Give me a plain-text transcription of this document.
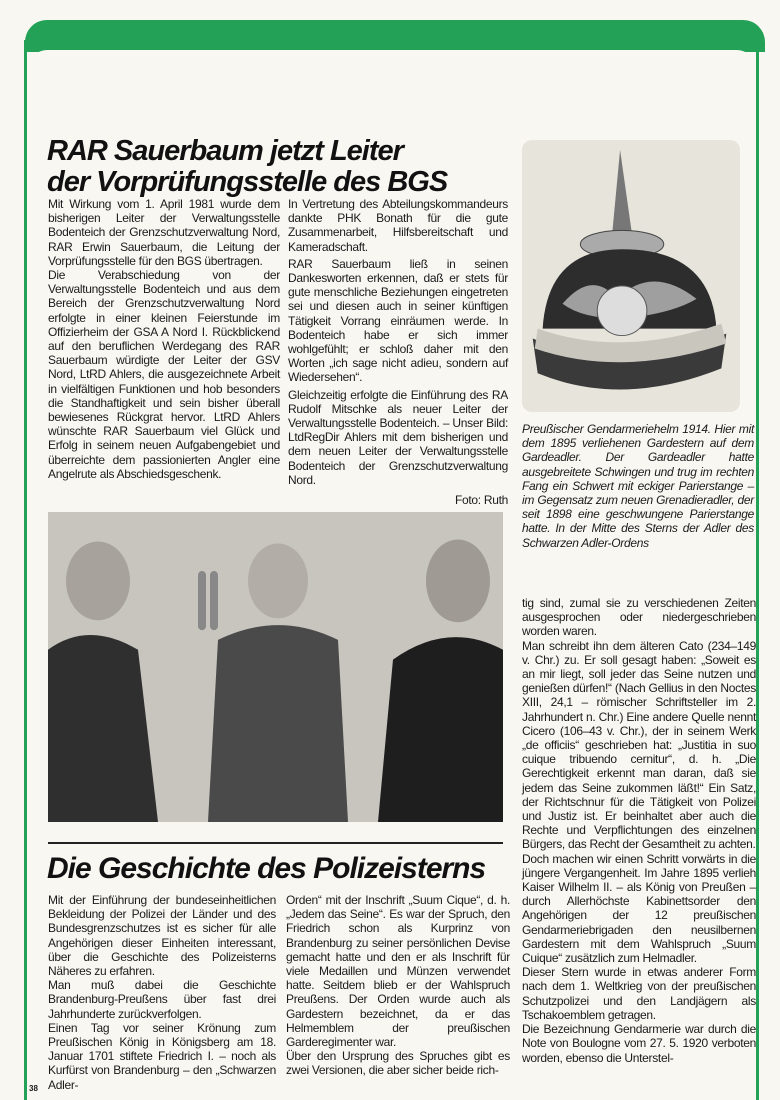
RAR Sauerbaum jetzt Leiter
der Vorprüfungsstelle des BGS

Mit Wirkung vom 1. April 1981 wurde dem bisherigen Leiter der Verwaltungsstelle Bodenteich der Grenzschutzverwaltung Nord, RAR Erwin Sauerbaum, die Leitung der Vorprüfungsstelle für den BGS übertragen.

Die Verabschiedung von der Verwaltungsstelle Bodenteich und aus dem Bereich der Grenzschutzverwaltung Nord erfolgte in einer kleinen Feierstunde im Offizierheim der GSA A Nord I. Rückblickend auf den beruflichen Werdegang des RAR Sauerbaum würdigte der Leiter der GSV Nord, LtRD Ahlers, die ausgezeichnete Arbeit in vielfältigen Funktionen und hob besonders die Standhaftigkeit und sein bisher überall bewiesenes Rückgrat hervor. LtRD Ahlers wünschte RAR Sauerbaum viel Glück und Erfolg in seinem neuen Aufgabengebiet und überreichte dem passionierten Angler eine Angelrute als Abschiedsgeschenk.

In Vertretung des Abteilungskommandeurs dankte PHK Bonath für die gute Zusammenarbeit, Hilfsbereitschaft und Kameradschaft.

RAR Sauerbaum ließ in seinen Dankesworten erkennen, daß er stets für gute menschliche Beziehungen eingetreten sei und diesen auch in seiner künftigen Tätigkeit Vorrang einräumen werde. In Bodenteich habe er sich immer wohlgefühlt; er schloß daher mit den Worten „ich sage nicht adieu, sondern auf Wiedersehen“.

Gleichzeitig erfolgte die Einführung des RA Rudolf Mitschke als neuer Leiter der Verwaltungsstelle Bodenteich. – Unser Bild: LtdRegDir Ahlers mit dem bisherigen und dem neuen Leiter der Verwaltungsstelle Bodenteich der Grenzschutzverwaltung Nord.

Foto: Ruth
Preußischer Gendarmeriehelm 1914. Hier mit dem 1895 verliehenen Gardestern auf dem Gardeadler. Der Gardeadler hatte ausgebreitete Schwingen und trug im rechten Fang ein Schwert mit eckiger Parierstange – im Gegensatz zum neuen Grenadieradler, der seit 1898 eine geschwungene Parierstange hatte. In der Mitte des Sterns der Adler des Schwarzen Adler-Ordens
Die Geschichte des Polizeisterns

Mit der Einführung der bundeseinheitlichen Bekleidung der Polizei der Länder und des Bundesgrenzschutzes ist es sicher für alle Angehörigen dieser Einheiten interessant, über die Geschichte des Polizeisterns Näheres zu erfahren.

Man muß dabei die Geschichte Brandenburg-Preußens über fast drei Jahrhunderte zurückverfolgen.

Einen Tag vor seiner Krönung zum Preußischen König in Königsberg am 18. Januar 1701 stiftete Friedrich I. – noch als Kurfürst von Brandenburg – den „Schwarzen Adler-

Orden“ mit der Inschrift „Suum Cique“, d. h. „Jedem das Seine“. Es war der Spruch, den Friedrich schon als Kurprinz von Brandenburg zu seiner persönlichen Devise gemacht hatte und den er als Inschrift für viele Medaillen und Münzen verwendet hatte. Seitdem blieb er der Wahlspruch Preußens. Der Orden wurde auch als Gardestern bezeichnet, da er das Helmemblem der preußischen Garderegimenter war.

Über den Ursprung des Spruches gibt es zwei Versionen, die aber sicher beide rich-

tig sind, zumal sie zu verschiedenen Zeiten ausgesprochen oder niedergeschrieben worden waren.

Man schreibt ihn dem älteren Cato (234–149 v. Chr.) zu. Er soll gesagt haben: „Soweit es an mir liegt, soll jeder das Seine nutzen und genießen dürfen!“ (Nach Gellius in den Noctes XIII, 24,1 – römischer Schriftsteller im 2. Jahrhundert n. Chr.) Eine andere Quelle nennt Cicero (106–43 v. Chr.), der in seinem Werk „de officiis“ geschrieben hat: „Justitia in suo cuique tribuendo cernitur“, d. h. „Die Gerechtigkeit erkennt man daran, daß sie jedem das Seine zukommen läßt!“ Ein Satz, der Richtschnur für die Tätigkeit von Polizei und Justiz ist. Er beinhaltet aber auch die Rechte und Verpflichtungen des einzelnen Bürgers, das Recht der Gesamtheit zu achten.

Doch machen wir einen Schritt vorwärts in die jüngere Vergangenheit. Im Jahre 1895 verlieh Kaiser Wilhelm II. – als König von Preußen – durch Allerhöchste Kabinettsorder den Angehörigen der 12 preußischen Gendarmeriebrigaden den neusilbernen Gardestern mit dem Wahlspruch „Suum Cuique“ zusätzlich zum Helmadler.

Dieser Stern wurde in etwas anderer Form nach dem 1. Weltkrieg von der preußischen Schutzpolizei und den Landjägern als Tschakoemblem getragen.

Die Bezeichnung Gendarmerie war durch die Note von Boulogne vom 27. 5. 1920 verboten worden, ebenso die Unterstel-

38
